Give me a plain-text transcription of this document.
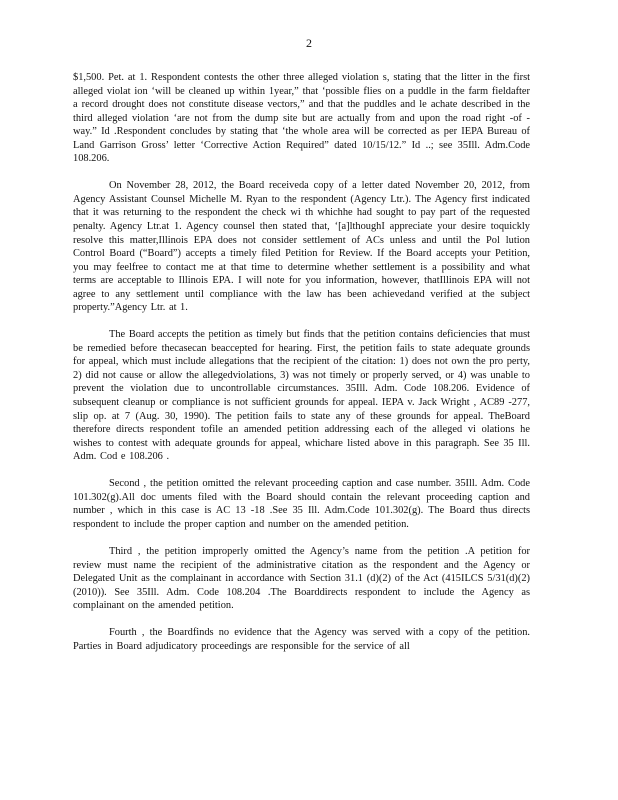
2

$1,500. Pet. at 1. Respondent contests the other three alleged violation s, stating that the litter in the first alleged violat ion ‘will be cleaned up within 1year,” that ‘possible flies on a puddle in the farm fieldafter a record drought does not constitute disease vectors,” and that the puddles and le achate described in the third alleged violation ‘are not from the dump site but are actually from and upon the road right -of -way.” Id .Respondent concludes by stating that ‘the whole area will be corrected as per IEPA Bureau of Land Garrison Gross’ letter ‘Corrective Action Required” dated 10/15/12.” Id ..; see 35Ill. Adm.Code 108.206.

On November 28, 2012, the Board receiveda copy of a letter dated November 20, 2012, from Agency Assistant Counsel Michelle M. Ryan to the respondent (Agency Ltr.). The Agency first indicated that it was returning to the respondent the check wi th whichhe had sought to pay part of the requested penalty. Agency Ltr.at 1. Agency counsel then stated that, ‘[a]lthoughI appreciate your desire toquickly resolve this matter,Illinois EPA does not consider settlement of ACs unless and until the Pol lution Control Board (“Board”) accepts a timely filed Petition for Review. If the Board accepts your Petition, you may feelfree to contact me at that time to determine whether settlement is a possibility and what terms are acceptable to Illinois EPA. I will note for you information, however, thatIllinois EPA will not agree to any settlement until compliance with the law has been achievedand verified at the subject property.”Agency Ltr. at 1.

The Board accepts the petition as timely but finds that the petition contains deficiencies that must be remedied before thecasecan beaccepted for hearing. First, the petition fails to state adequate grounds for appeal, which must include allegations that the recipient of the citation: 1) does not own the pro perty, 2) did not cause or allow the allegedviolations, 3) was not timely or properly served, or 4) was unable to prevent the violation due to uncontrollable circumstances. 35Ill. Adm. Code 108.206. Evidence of subsequent cleanup or compliance is not sufficient grounds for appeal. IEPA v. Jack Wright , AC89 -277, slip op. at 7 (Aug. 30, 1990). The petition fails to state any of these grounds for appeal. TheBoard therefore directs respondent tofile an amended petition addressing each of the alleged vi olations he wishes to contest with adequate grounds for appeal, whichare listed above in this paragraph. See 35 Ill. Adm. Cod e 108.206 .

Second , the petition omitted the relevant proceeding caption and case number. 35Ill. Adm. Code 101.302(g).All doc uments filed with the Board should contain the relevant proceeding caption and number , which in this case is AC 13 -18 .See 35 Ill. Adm.Code 101.302(g). The Board thus directs respondent to include the proper caption and number on the amended petition.

Third , the petition improperly omitted the Agency’s name from the petition .A petition for review must name the recipient of the administrative citation as the respondent and the Agency or Delegated Unit as the complainant in accordance with Section 31.1 (d)(2) of the Act (415ILCS 5/31(d)(2) (2010)). See 35Ill. Adm. Code 108.204 .The Boarddirects respondent to include the Agency as complainant on the amended petition.

Fourth , the Boardfinds no evidence that the Agency was served with a copy of the petition. Parties in Board adjudicatory proceedings are responsible for the service of all
